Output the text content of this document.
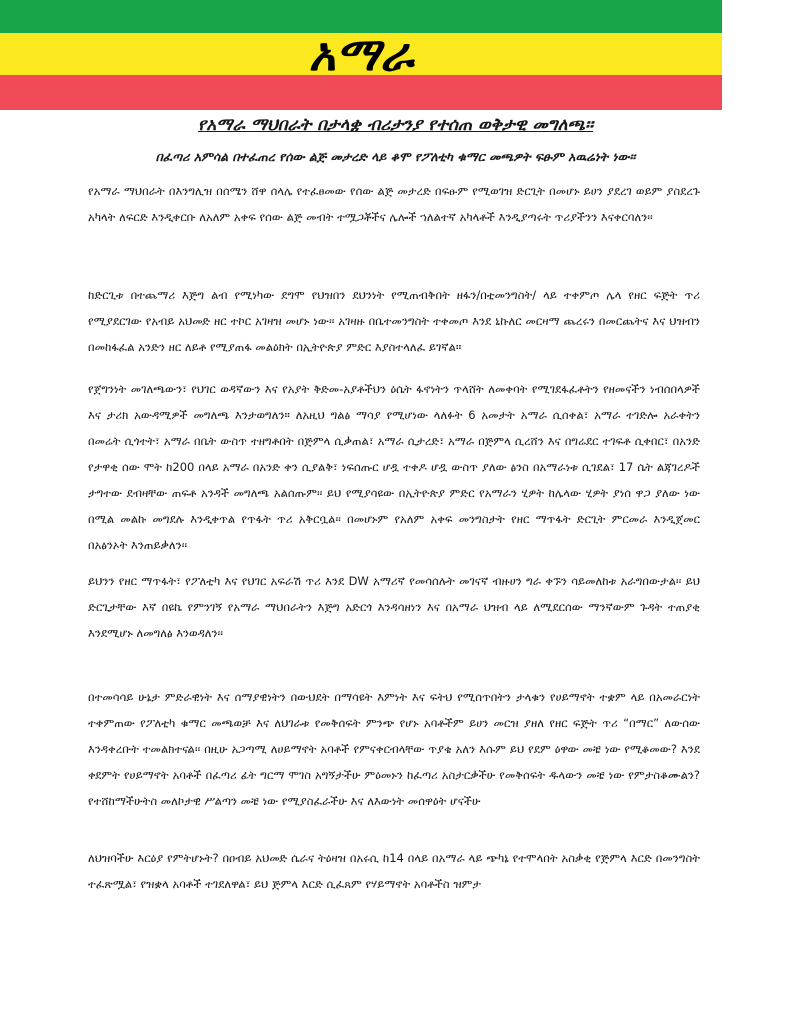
አማራ
የአማራ ማህበራት በታላቋ ብሪታንያ የተሰጠ ወቅታዊ መግለጫ፡፡
በፈጣሪ አምሳል በተፈጠረ የሰው ልጅ መታረድ ላይ ቆሞ የፖለቲካ ቁማር መጫዎት ፍፁም አዉሬነት ነው፡፡

የአማራ ማህበራት በእንግሊዝ በሰሜን ሸዋ ሰላሌ የተፈፀመው የሰው ልጅ መታረድ በፍፁም የሚወገዝ ድርጊት በመሆኑ ይሀን ያደረገ ወይም ያስደረጉ አካላት ለፍርድ እንዲቀርቡ ለአለም አቀፍ የሰው ልጅ መብት ተሟጋቾችና ሌሎች ኀለልተኛ አካላቶች እንዲያጣሩት ጥሪያችንን እናቀርባለን፡፡

ከድርጊቱ በተጨማሪ እጅግ ልብ የሚነካው ደግሞ የህዝበን ደህንነት የሚጠብቅበት ዘፋን/በቲመንግስት/ ላይ ተቀምጦ ሌላ የዘር ፍጅት ጥሪ የሚያደርገው የአብይ አህመድ ዘር ተኮር አገዛዝ መሆኑ ነው፡፡ አገዛዙ በቤተመንግስት ተቀመጦ እንደ ኒኩለር መርዛማ ጨረሩን በመርጨትና እና ህዝብን በመከፋፈል አንድን ዘር ለይቶ የሚያጠፋ መልዕክት በኢትዮጵያ ምድር እያስተላለፈ ይገኛል።

የጀግንነት መገለጫውን፣ የህገር ወዳኛውን እና የአያት ቅድመ-አያቶችህን ዕሴት ፋኖነትን ጥላሸት ለመቀባት የሚገደፋፈቶትን የዘመናችን ነብሰበላዎች እና ታሪክ አውዳሚዎች መግለጫ እንታወግለን። ለአዚህ ግልፅ ማሳያ የሚሆነው ላለፉት 6 አመታት አማራ ሲሰቀል፣ አማራ ተገድሎ አራቀትን በመሬት ሲጎተት፣ አማራ በቤት ውስጥ ተዘግቶበት በጅምላ ሲቃጠል፣ አማራ ሲታረድ፣ አማራ በጅምላ ሲረሸን እና በግሬደር ተገፍቶ ሲቀበር፣ በአንድ የታዋቂ ሰው ሞት ከ200 በላይ አማራ በአንድ ቀን ሲያልቅ፣ ነፍሰጡር ሆዷ ተቀዶ ሆዷ ውስጥ ያለው ፅንስ በአማራነቱ ሲገደል፣ 17 ሴት ልጃገረዶች ታግተው ደብዛቸው ጠፍቶ አንዳች መግለጫ አልሰጡም፡፡ ይህ የሚያሳዩው በኢትዮጵያ ምድር የአማራን ሂዎት ከሌላው ሂዎት ያነሰ ዋጋ ያለው ነው በሚል መልኩ መግደሉ እንዲቀጥል የጥፋት ጥሪ አቅርቧል፡፡ በመሆኑም የአለም አቀፍ መንግስታት የዘር ማጥፋት ድርጊት ምርመራ እንዲጀመር በአፅንኦት እንጠይቃለን፡፡

ይህንን የዘር ማጥፋት፣ የፖለቲካ እና የህገር አፍራሽ ጥሪ እንደ DW አማሪኛ የመሳሰሉት መገናኛ ብዙሀን ግራ ቀኙን ሳይመለከቱ አራግበውታል፡፡ ይህ ድርጊታቸው እኛ በዩኬ የምንገኝ የአማራ ማህበራትን እጅግ አድርጎ እንዳሳዘነን እና በአማራ ህዝብ ላይ ለሚደርሰው ማንኛውም ጉዳት ተጠያቂ እንደሚሆኑ ለመግለፅ እንወዳለን፡፡

በተመሳሳይ ሁኔታ ምድራዊነት እና ሰማያዊነትን በውህደት በማሳዩት እምነት እና ፍትህ የሚሰጥበትን ታላቁን የሀይማኖት ተቋም ላይ በአመራርነት ተቀምጠው የፖለቲካ ቁማር መጫወቻ እና ለህገራቱ የመቅሰፍት ምንጭ የሆኑ አባቶችም ይሀን መርዝ ያዘለ የዘር ፍጅት ጥሪ “በማር” ለውሰው እንዳቀረቡት ተመልክተናል፡፡ በዚሁ አጋጣሚ ለሀይማኖት አባቶች የምናቀርብላቸው ጥያቄ አለን እሱም ይህ የደም ዕዋው መቼ ነው የሚቆመው? እንደ ቀደምት የሀይማኖት አባቶች በፈጣሪ ፊት ግርማ ሞገስ አግኝታችሁ ምዕመኑን ከፈጣሪ አስታርቃችሁ የመቅሰፍት ዱላውን መቼ ነው የምታስቆሙልን? የተሸከማችሁትስ መለኮታዊ ሥልጣን መቼ ነው የሚያስፈራችሁ እና ለእውነት መሰዋዕት ሆናችሁ

ለህዝባችሁ እርዕያ የምትሆኑት? በዐብይ አህመድ ሴራና ትዕዛዝ በአሩሲ ከ14 በላይ በአማራ ላይ ጭካኔ የተሞላበት አስቃቂ የጅምላ እርድ በመንግስት ተፈጽሟል፣ የዝቋላ አባቶች ተገደለዋል፣ ይህ ጅምላ እርድ ሲፈጸም የሃይማኖት አባቶችስ ዝምታ
